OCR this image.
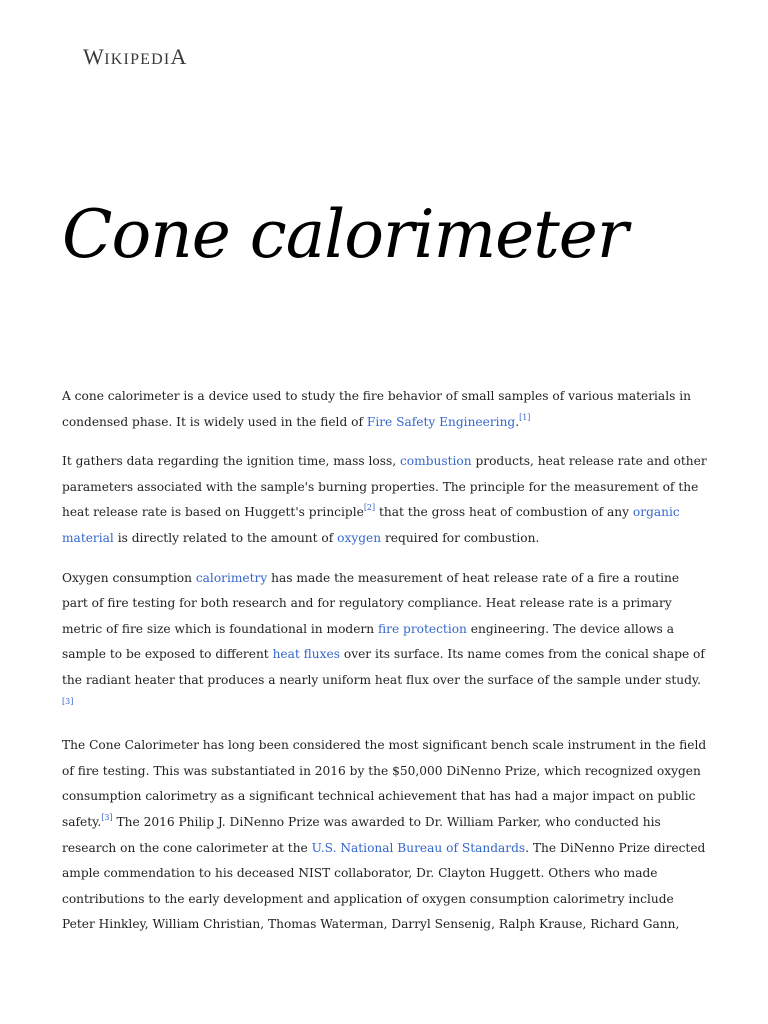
WIKIPEDIA
Cone calorimeter

A cone calorimeter is a device used to study the fire behavior of small samples of various materials in condensed phase. It is widely used in the field of Fire Safety Engineering.[1]

It gathers data regarding the ignition time, mass loss, combustion products, heat release rate and other parameters associated with the sample's burning properties. The principle for the measurement of the heat release rate is based on Huggett's principle[2] that the gross heat of combustion of any organic material is directly related to the amount of oxygen required for combustion.

Oxygen consumption calorimetry has made the measurement of heat release rate of a fire a routine part of fire testing for both research and for regulatory compliance. Heat release rate is a primary metric of fire size which is foundational in modern fire protection engineering. The device allows a sample to be exposed to different heat fluxes over its surface. Its name comes from the conical shape of the radiant heater that produces a nearly uniform heat flux over the surface of the sample under study.[3]

The Cone Calorimeter has long been considered the most significant bench scale instrument in the field of fire testing. This was substantiated in 2016 by the $50,000 DiNenno Prize, which recognized oxygen consumption calorimetry as a significant technical achievement that has had a major impact on public safety.[3] The 2016 Philip J. DiNenno Prize was awarded to Dr. William Parker, who conducted his research on the cone calorimeter at the U.S. National Bureau of Standards. The DiNenno Prize directed ample commendation to his deceased NIST collaborator, Dr. Clayton Huggett. Others who made contributions to the early development and application of oxygen consumption calorimetry include Peter Hinkley, William Christian, Thomas Waterman, Darryl Sensenig, Ralph Krause, Richard Gann,
